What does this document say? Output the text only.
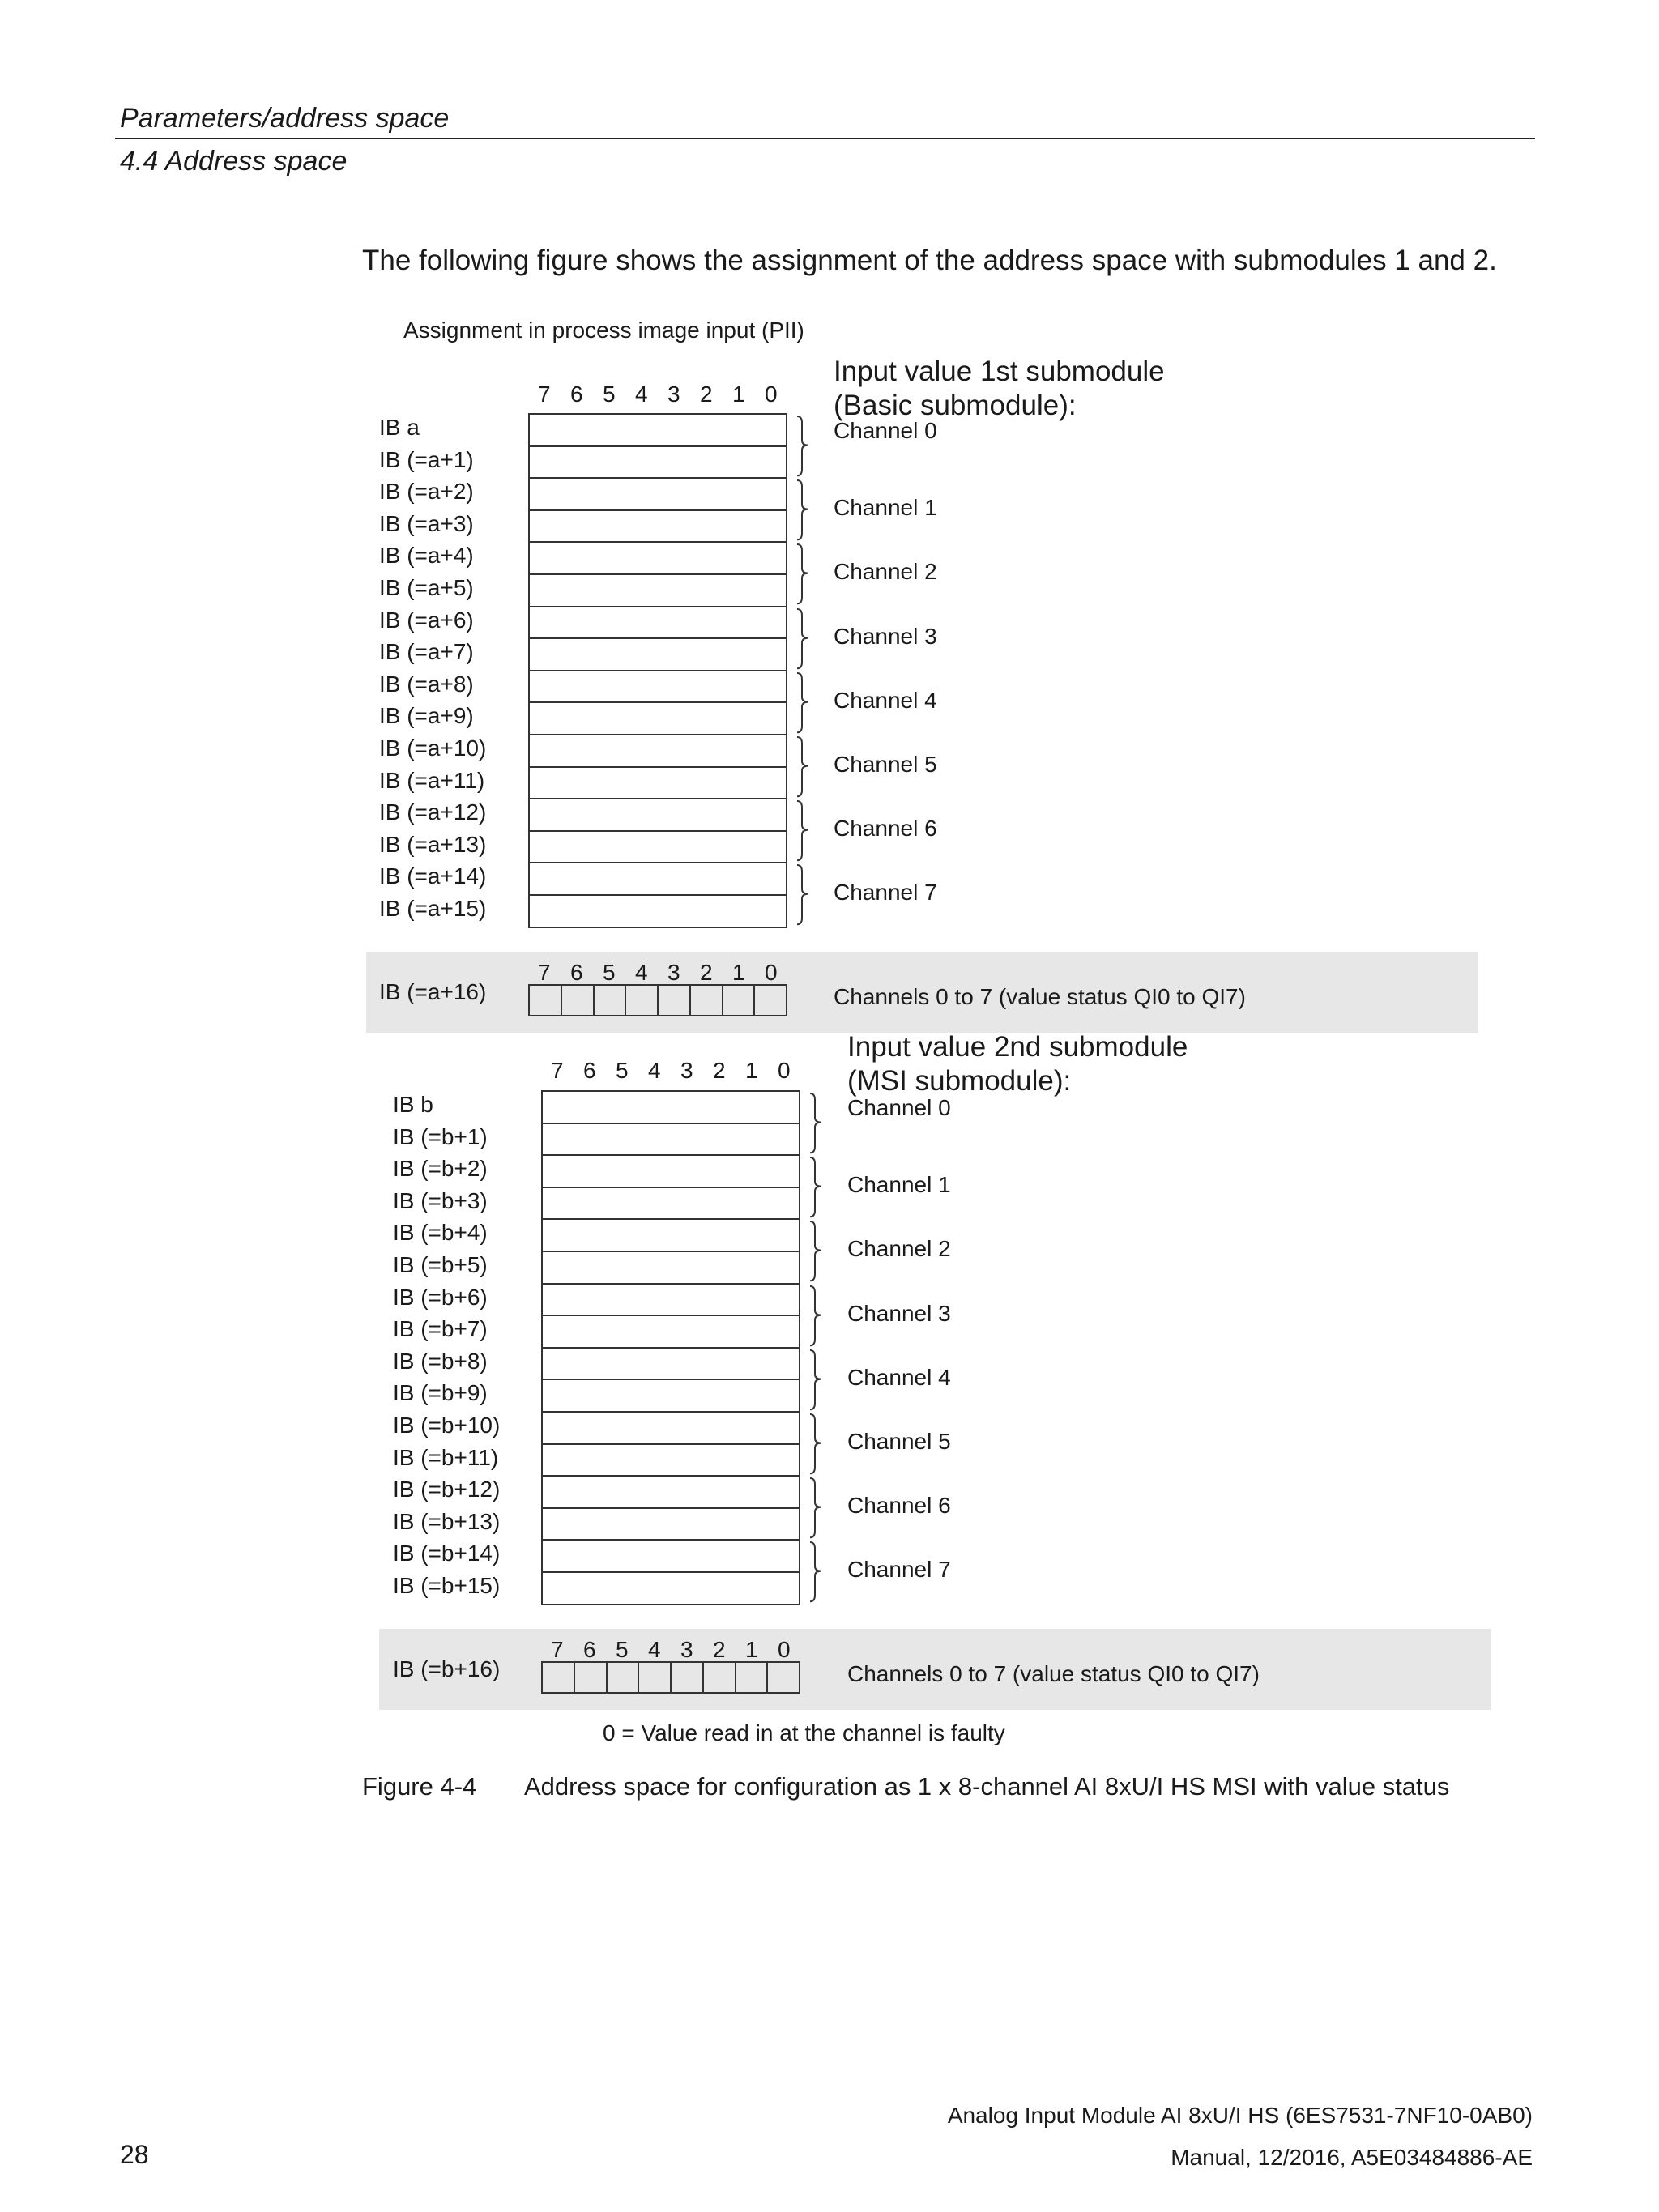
Parameters/address space
4.4 Address space
The following figure shows the assignment of the address space with submodules 1 and 2.
Assignment in process image input (PII)
7 6 5 4 3 2 1 0
Input value 1st submodule
(Basic submodule):
IB a
IB (=a+1)
IB (=a+2)
IB (=a+3)
IB (=a+4)
IB (=a+5)
IB (=a+6)
IB (=a+7)
IB (=a+8)
IB (=a+9)
IB (=a+10)
IB (=a+11)
IB (=a+12)
IB (=a+13)
IB (=a+14)
IB (=a+15)
Channel 0
Channel 1
Channel 2
Channel 3
Channel 4
Channel 5
Channel 6
Channel 7
7 6 5 4 3 2 1 0
IB (=a+16)	Channels 0 to 7 (value status QI0 to QI7)
7 6 5 4 3 2 1 0
Input value 2nd submodule
(MSI submodule):
IB b
IB (=b+1)
IB (=b+2)
IB (=b+3)
IB (=b+4)
IB (=b+5)
IB (=b+6)
IB (=b+7)
IB (=b+8)
IB (=b+9)
IB (=b+10)
IB (=b+11)
IB (=b+12)
IB (=b+13)
IB (=b+14)
IB (=b+15)
Channel 0
Channel 1
Channel 2
Channel 3
Channel 4
Channel 5
Channel 6
Channel 7
7 6 5 4 3 2 1 0
IB (=b+16)	Channels 0 to 7 (value status QI0 to QI7)
0 = Value read in at the channel is faulty
Figure 4-4 Address space for configuration as 1 x 8-channel AI 8xU/I HS MSI with value status
Analog Input Module AI 8xU/I HS (6ES7531-7NF10-0AB0)
Manual, 12/2016, A5E03484886-AE
28
